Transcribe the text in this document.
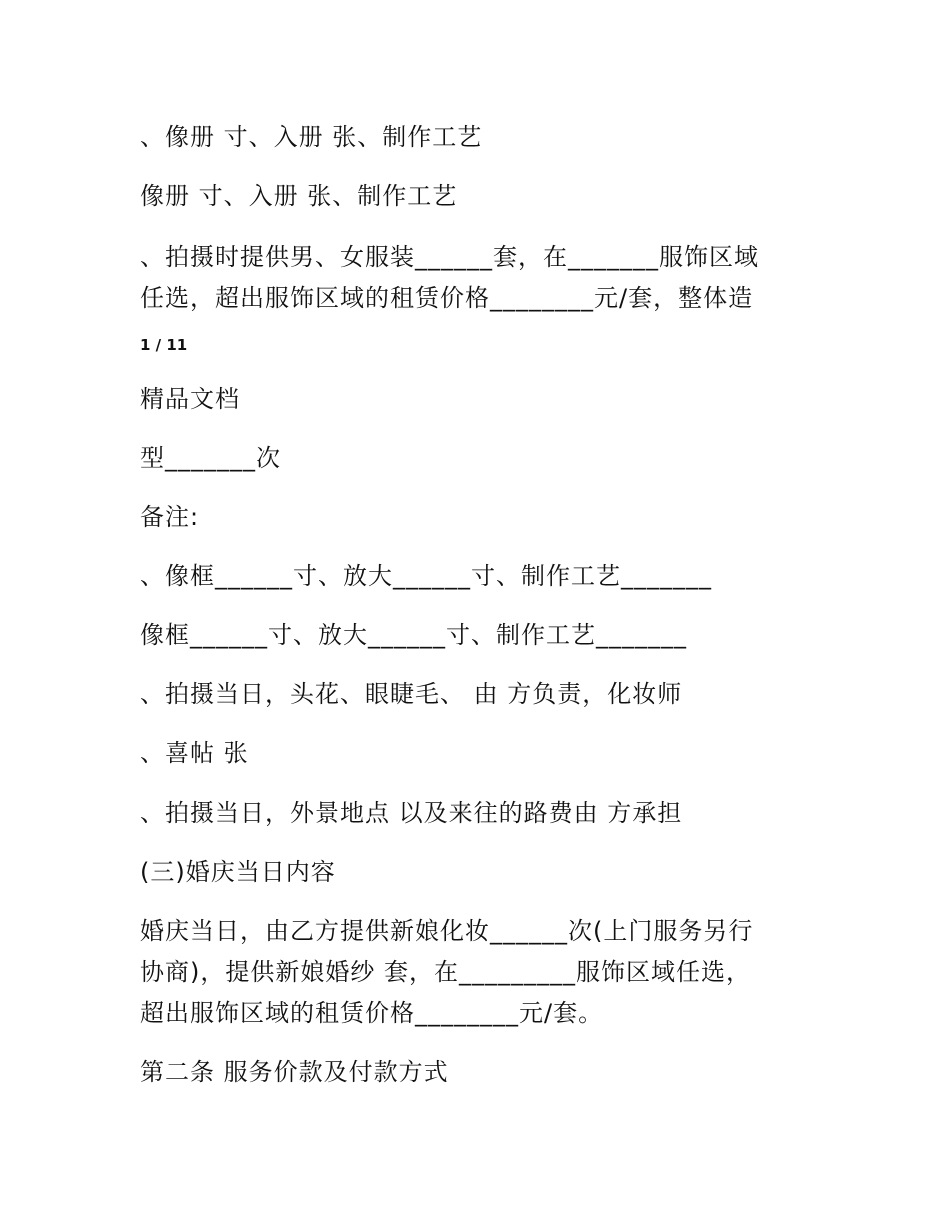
、像册 寸、入册 张、制作工艺
像册 寸、入册 张、制作工艺
、拍摄时提供男、女服装______套，在_______服饰区域
任选，超出服饰区域的租赁价格________元/套，整体造
1 / 11
精品文档
型_______次
备注:
、像框______寸、放大______寸、制作工艺_______
像框______寸、放大______寸、制作工艺_______
、拍摄当日，头花、眼睫毛、 由 方负责，化妆师
、喜帖 张
、拍摄当日，外景地点 以及来往的路费由 方承担
(三)婚庆当日内容
婚庆当日，由乙方提供新娘化妆______次(上门服务另行
协商)，提供新娘婚纱 套，在_________服饰区域任选，
超出服饰区域的租赁价格________元/套。
第二条 服务价款及付款方式
